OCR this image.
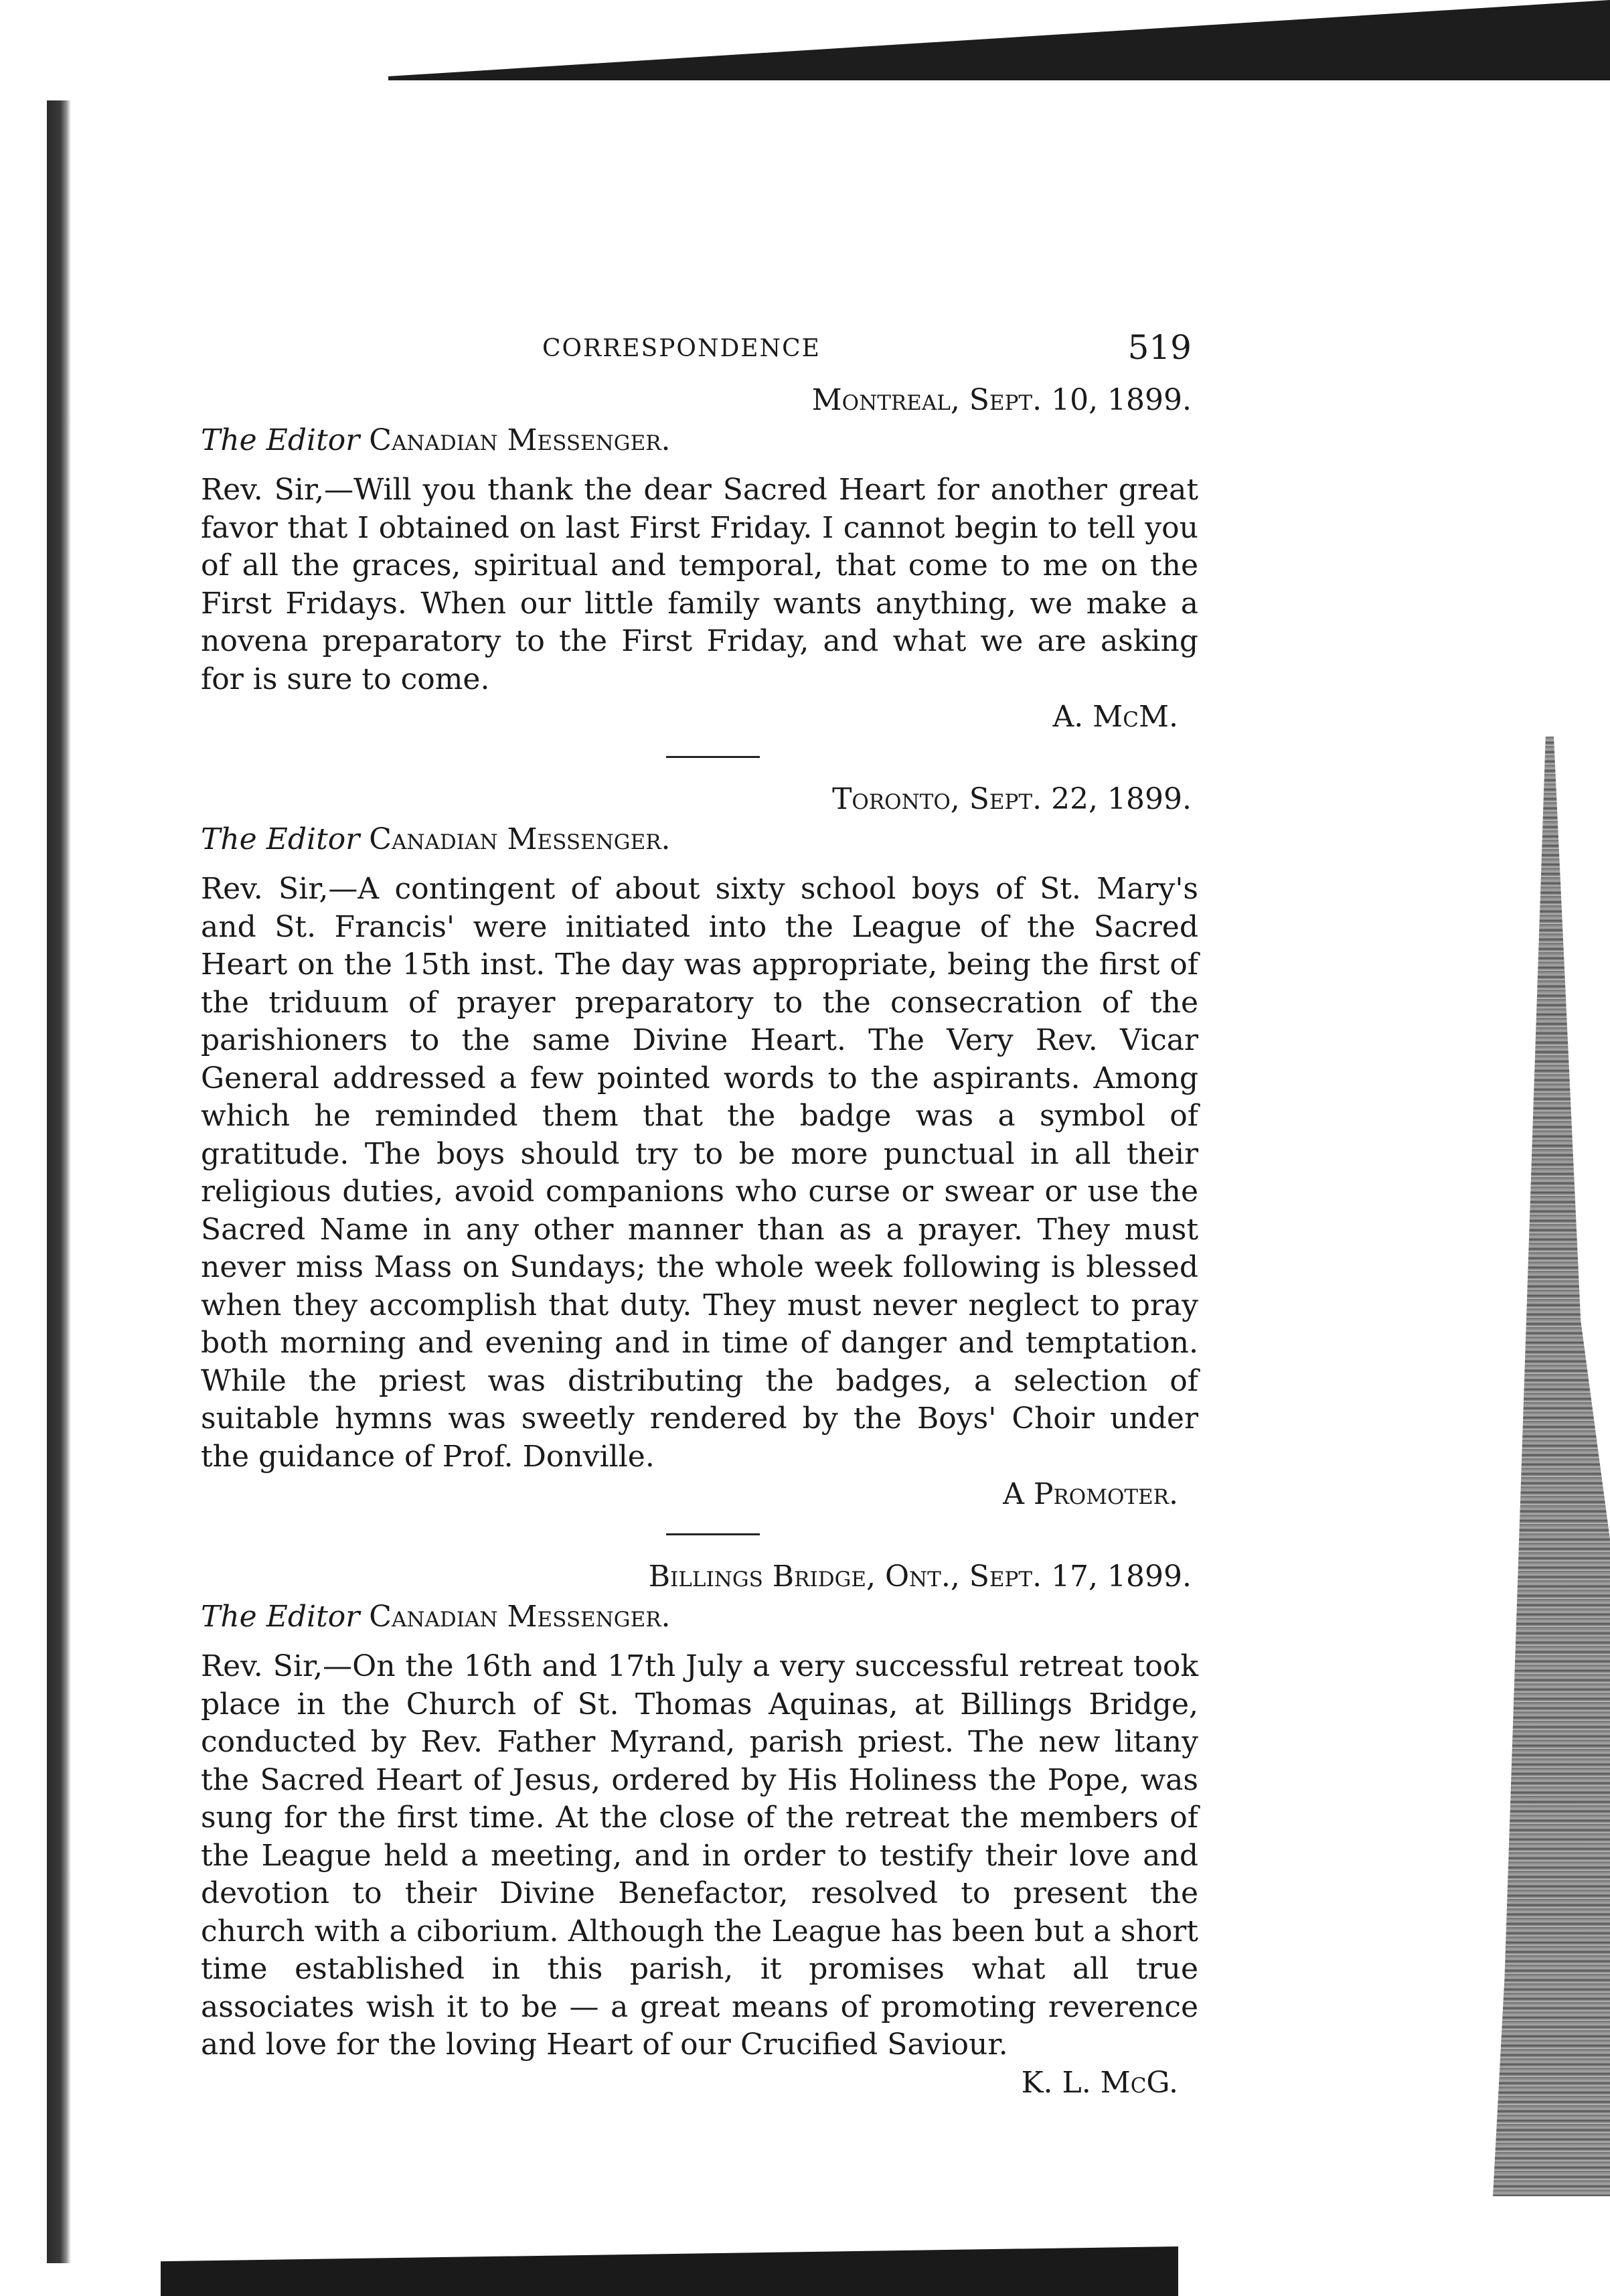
CORRESPONDENCE	519
Montreal, Sept. 10, 1899.
The Editor Canadian Messenger.

Rev. Sir,—Will you thank the dear Sacred Heart for another great favor that I obtained on last First Friday. I cannot begin to tell you of all the graces, spiritual and temporal, that come to me on the First Fridays. When our little family wants anything, we make a novena preparatory to the First Friday, and what we are asking for is sure to come.

A. McM.
Toronto, Sept. 22, 1899.
The Editor Canadian Messenger.

Rev. Sir,—A contingent of about sixty school boys of St. Mary's and St. Francis' were initiated into the League of the Sacred Heart on the 15th inst. The day was appropriate, being the first of the triduum of prayer preparatory to the consecration of the parishioners to the same Divine Heart. The Very Rev. Vicar General addressed a few pointed words to the aspirants. Among which he reminded them that the badge was a symbol of gratitude. The boys should try to be more punctual in all their religious duties, avoid companions who curse or swear or use the Sacred Name in any other manner than as a prayer. They must never miss Mass on Sundays; the whole week following is blessed when they accomplish that duty. They must never neglect to pray both morning and evening and in time of danger and temptation. While the priest was distributing the badges, a selection of suitable hymns was sweetly rendered by the Boys' Choir under the guidance of Prof. Donville.

A Promoter.
Billings Bridge, Ont., Sept. 17, 1899.
The Editor Canadian Messenger.

Rev. Sir,—On the 16th and 17th July a very successful retreat took place in the Church of St. Thomas Aquinas, at Billings Bridge, conducted by Rev. Father Myrand, parish priest. The new litany the Sacred Heart of Jesus, ordered by His Holiness the Pope, was sung for the first time. At the close of the retreat the members of the League held a meeting, and in order to testify their love and devotion to their Divine Benefactor, resolved to present the church with a ciborium. Although the League has been but a short time established in this parish, it promises what all true associates wish it to be — a great means of promoting reverence and love for the loving Heart of our Crucified Saviour.

K. L. McG.
